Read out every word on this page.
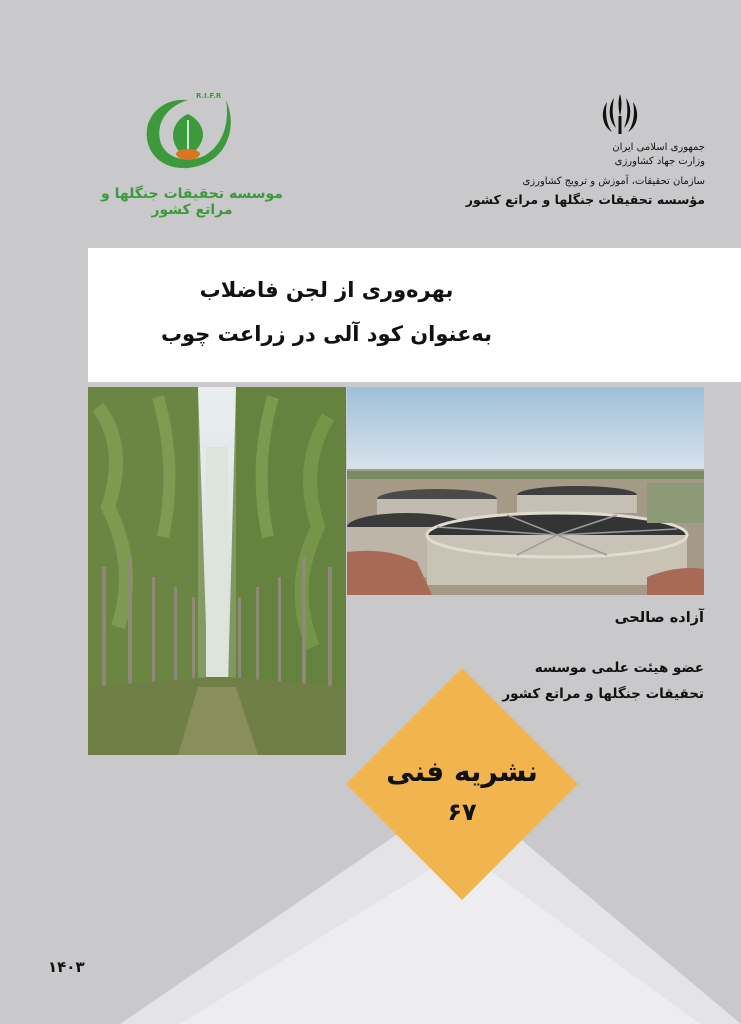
R.I.F.R
موسسه تحقیقات جنگلها و مراتع کشور
جمهوری اسلامی ایران
وزارت جهاد کشاورزی
سازمان تحقیقات، آموزش و ترویج کشاورزی
مؤسسه تحقیقات جنگلها و مراتع کشور
بهره‌وری از لجن فاضلاب
به‌عنوان کود آلی در زراعت چوب
آزاده صالحی
عضو هیئت علمی موسسه
تحقیقات جنگلها و مراتع کشور
نشریه فنی
۶۷
۱۴۰۳
